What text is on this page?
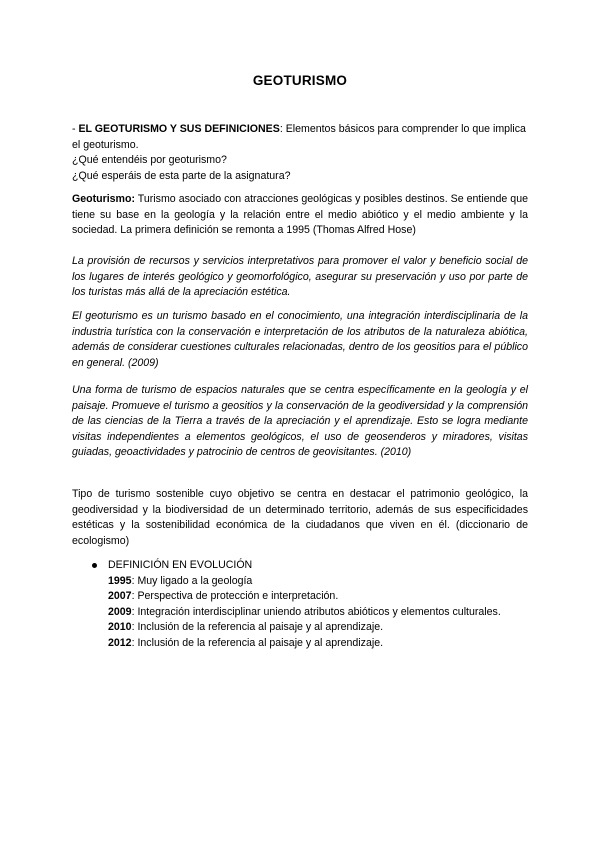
GEOTURISMO
- EL GEOTURISMO Y SUS DEFINICIONES: Elementos básicos para comprender lo que implica el geoturismo.
¿Qué entendéis por geoturismo?
¿Qué esperáis de esta parte de la asignatura?
Geoturismo: Turismo asociado con atracciones geológicas y posibles destinos. Se entiende que tiene su base en la geología y la relación entre el medio abiótico y el medio ambiente y la sociedad. La primera definición se remonta a 1995 (Thomas Alfred Hose)
La provisión de recursos y servicios interpretativos para promover el valor y beneficio social de los lugares de interés geológico y geomorfológico, asegurar su preservación y uso por parte de los turistas más allá de la apreciación estética.
El geoturismo es un turismo basado en el conocimiento, una integración interdisciplinaria de la industria turística con la conservación e interpretación de los atributos de la naturaleza abiótica, además de considerar cuestiones culturales relacionadas, dentro de los geositios para el público en general. (2009)
Una forma de turismo de espacios naturales que se centra específicamente en la geología y el paisaje. Promueve el turismo a geositios y la conservación de la geodiversidad y la comprensión de las ciencias de la Tierra a través de la apreciación y el aprendizaje. Esto se logra mediante visitas independientes a elementos geológicos, el uso de geosenderos y miradores, visitas guiadas, geoactividades y patrocinio de centros de geovisitantes. (2010)
Tipo de turismo sostenible cuyo objetivo se centra en destacar el patrimonio geológico, la geodiversidad y la biodiversidad de un determinado territorio, además de sus especificidades estéticas y la sostenibilidad económica de la ciudadanos que viven en él. (diccionario de ecologismo)
DEFINICIÓN EN EVOLUCIÓN
1995: Muy ligado a la geología
2007: Perspectiva de protección e interpretación.
2009: Integración interdisciplinar uniendo atributos abióticos y elementos culturales.
2010: Inclusión de la referencia al paisaje y al aprendizaje.
2012: Inclusión de la referencia al paisaje y al aprendizaje.
